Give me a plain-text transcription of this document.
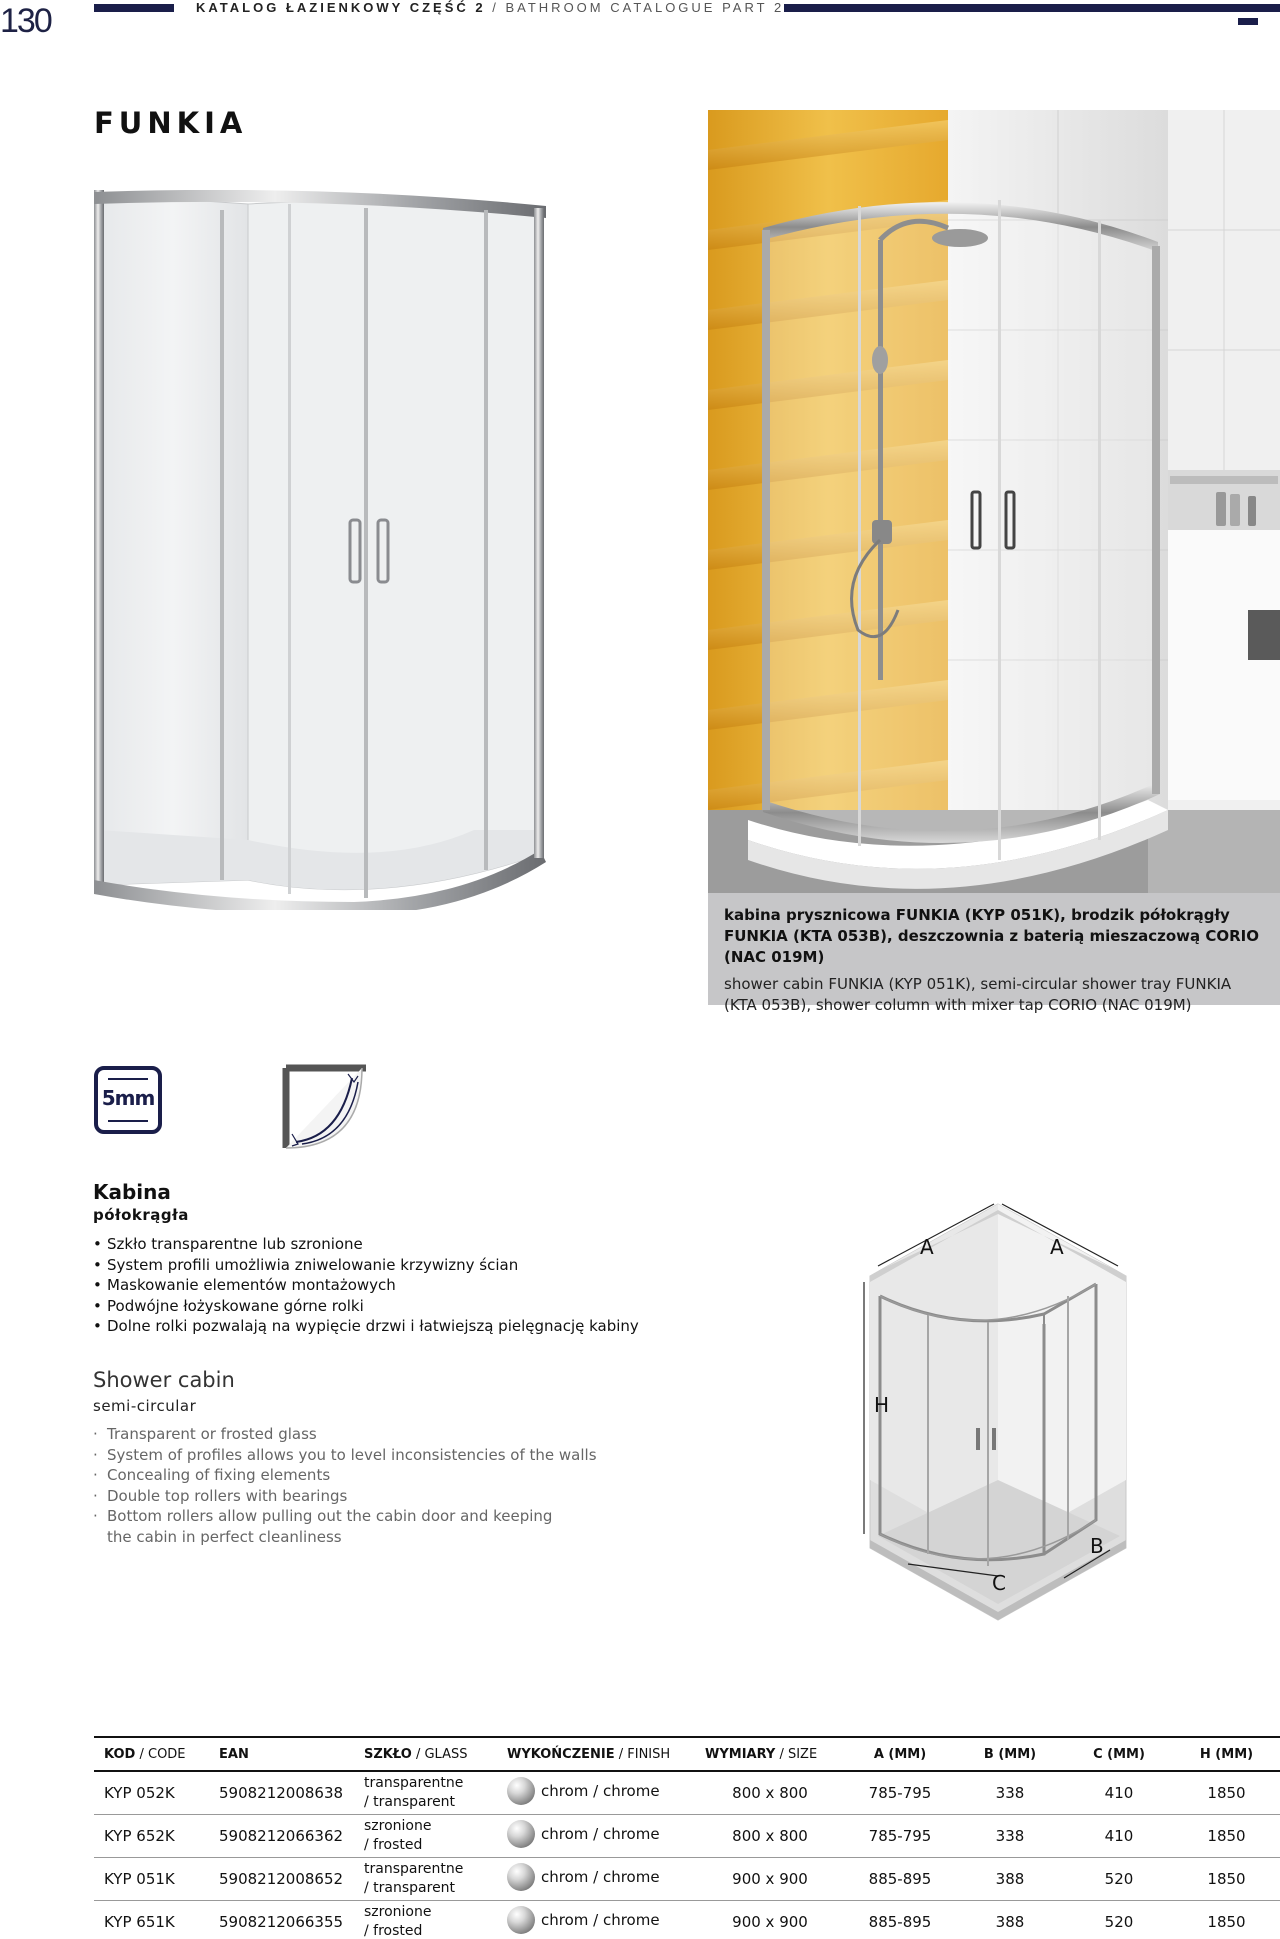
130	KATALOG ŁAZIENKOWY CZĘŚĆ 2 / BATHROOM CATALOGUE PART 2
FUNKIA
kabina prysznicowa FUNKIA (KYP 051K), brodzik półokrągły FUNKIA (KTA 053B), deszczownia z baterią mieszaczową CORIO (NAC 019M)
shower cabin FUNKIA (KYP 051K), semi-circular shower tray FUNKIA (KTA 053B), shower column with mixer tap CORIO (NAC 019M)
5mm
Kabina
półokrągła
• Szkło transparentne lub szronione
• System profili umożliwia zniwelowanie krzywizny ścian
• Maskowanie elementów montażowych
• Podwójne łożyskowane górne rolki
• Dolne rolki pozwalają na wypięcie drzwi i łatwiejszą pielęgnację kabiny
Shower cabin
semi-circular
· Transparent or frosted glass
· System of profiles allows you to level inconsistencies of the walls
· Concealing of fixing elements
· Double top rollers with bearings
· Bottom rollers allow pulling out the cabin door and keeping
the cabin in perfect cleanliness
A	A
H
B
C
KOD / CODE	EAN	SZKŁO / GLASS	WYKOŃCZENIE / FINISH	WYMIARY / SIZE	A (MM)	B (MM)	C (MM)	H (MM)
KYP 052K	5908212008638	transparentne
/ transparent	chrom / chrome	800 x 800	785-795	338	410	1850
KYP 652K	5908212066362	szronione
/ frosted	chrom / chrome	800 x 800	785-795	338	410	1850
KYP 051K	5908212008652	transparentne
/ transparent	chrom / chrome	900 x 900	885-895	388	520	1850
KYP 651K	5908212066355	szronione
/ frosted	chrom / chrome	900 x 900	885-895	388	520	1850
